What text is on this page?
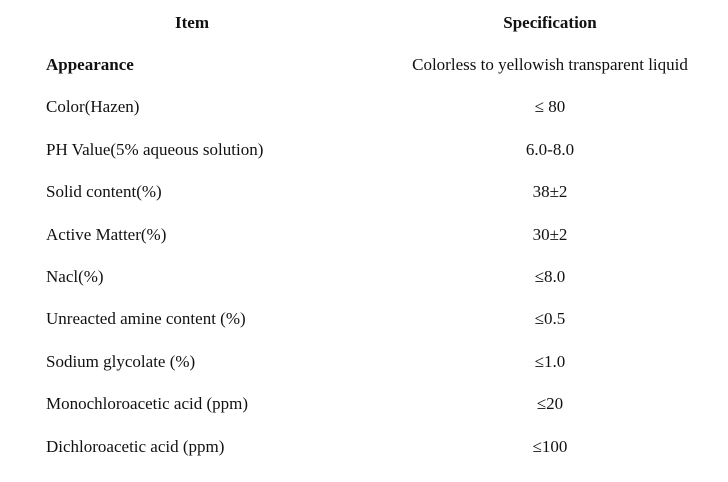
Item	Specification
Appearance	Colorless to yellowish transparent liquid
Color(Hazen)	≤ 80
PH Value(5% aqueous solution)	6.0-8.0
Solid content(%)	38±2
Active Matter(%)	30±2
Nacl(%)	≤8.0
Unreacted amine content (%)	≤0.5
Sodium glycolate (%)	≤1.0
Monochloroacetic acid (ppm)	≤20
Dichloroacetic acid (ppm)	≤100
